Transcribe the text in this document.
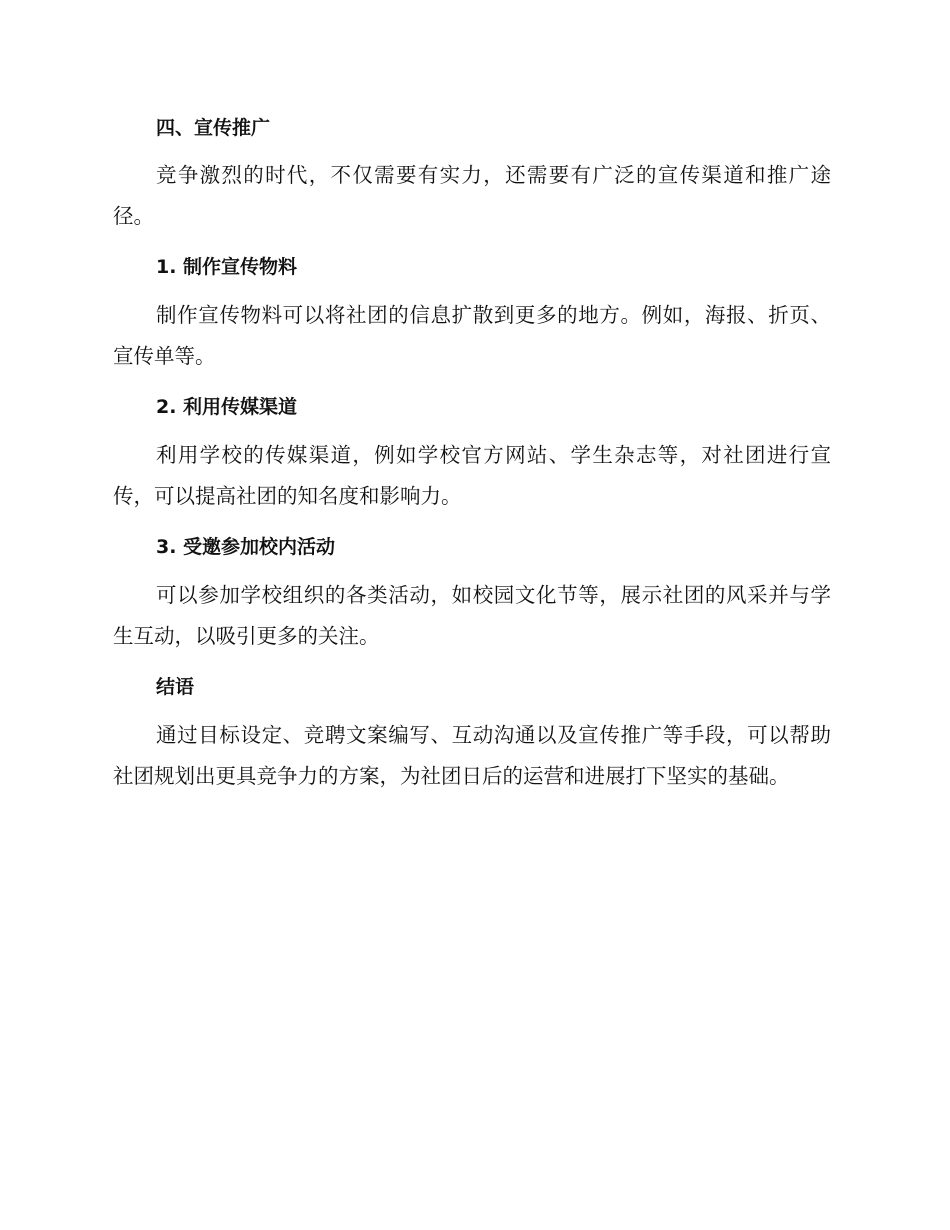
四、宣传推广

竞争激烈的时代，不仅需要有实力，还需要有广泛的宣传渠道和推广途径。

1. 制作宣传物料

制作宣传物料可以将社团的信息扩散到更多的地方。例如，海报、折页、宣传单等。

2. 利用传媒渠道

利用学校的传媒渠道，例如学校官方网站、学生杂志等，对社团进行宣传，可以提高社团的知名度和影响力。

3. 受邀参加校内活动

可以参加学校组织的各类活动，如校园文化节等，展示社团的风采并与学生互动，以吸引更多的关注。

结语

通过目标设定、竞聘文案编写、互动沟通以及宣传推广等手段，可以帮助社团规划出更具竞争力的方案，为社团日后的运营和进展打下坚实的基础。
